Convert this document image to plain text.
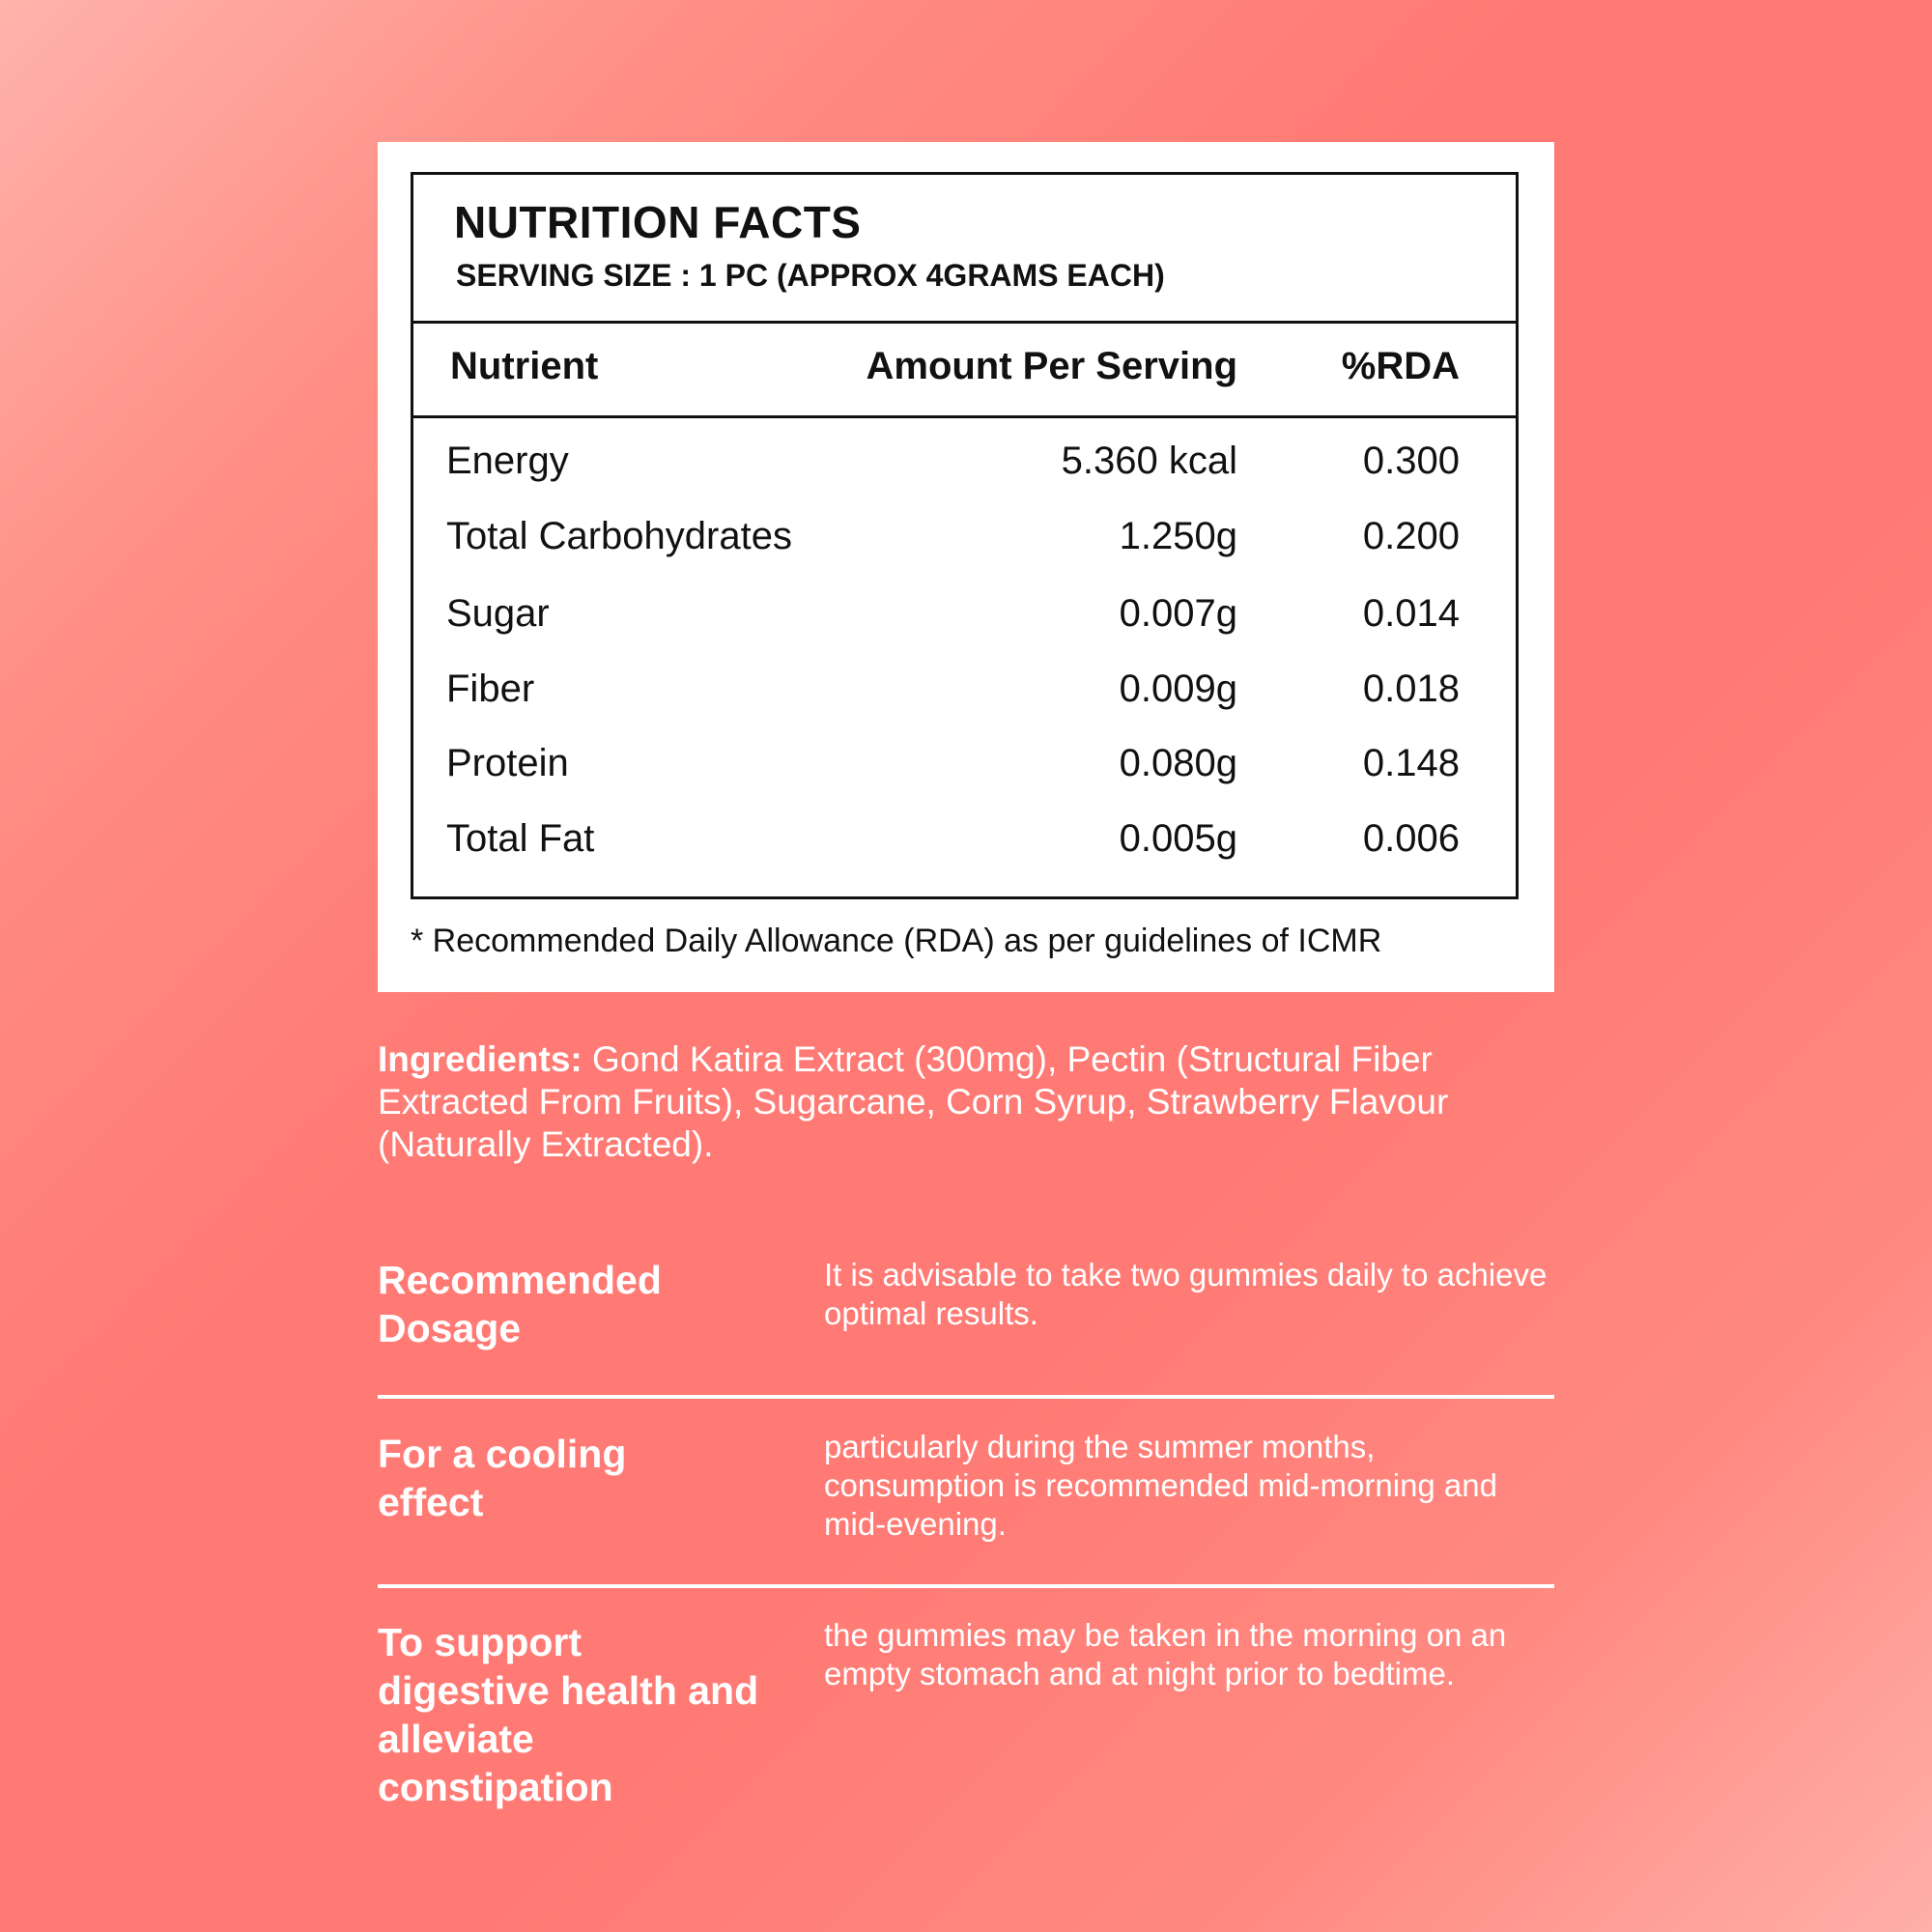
NUTRITION FACTS
SERVING SIZE : 1 PC (APPROX 4GRAMS EACH)
Nutrient	Amount Per Serving	%RDA
Energy	5.360 kcal	0.300
Total Carbohydrates	1.250g	0.200
Sugar	0.007g	0.014
Fiber	0.009g	0.018
Protein	0.080g	0.148
Total Fat	0.005g	0.006
* Recommended Daily Allowance (RDA) as per guidelines of ICMR
Ingredients: Gond Katira Extract (300mg), Pectin (Structural Fiber Extracted From Fruits), Sugarcane, Corn Syrup, Strawberry Flavour (Naturally Extracted).
Recommended Dosage
It is advisable to take two gummies daily to achieve optimal results.
For a cooling effect
particularly during the summer months, consumption is recommended mid-morning and mid-evening.
To support digestive health and alleviate constipation
the gummies may be taken in the morning on an empty stomach and at night prior to bedtime.
